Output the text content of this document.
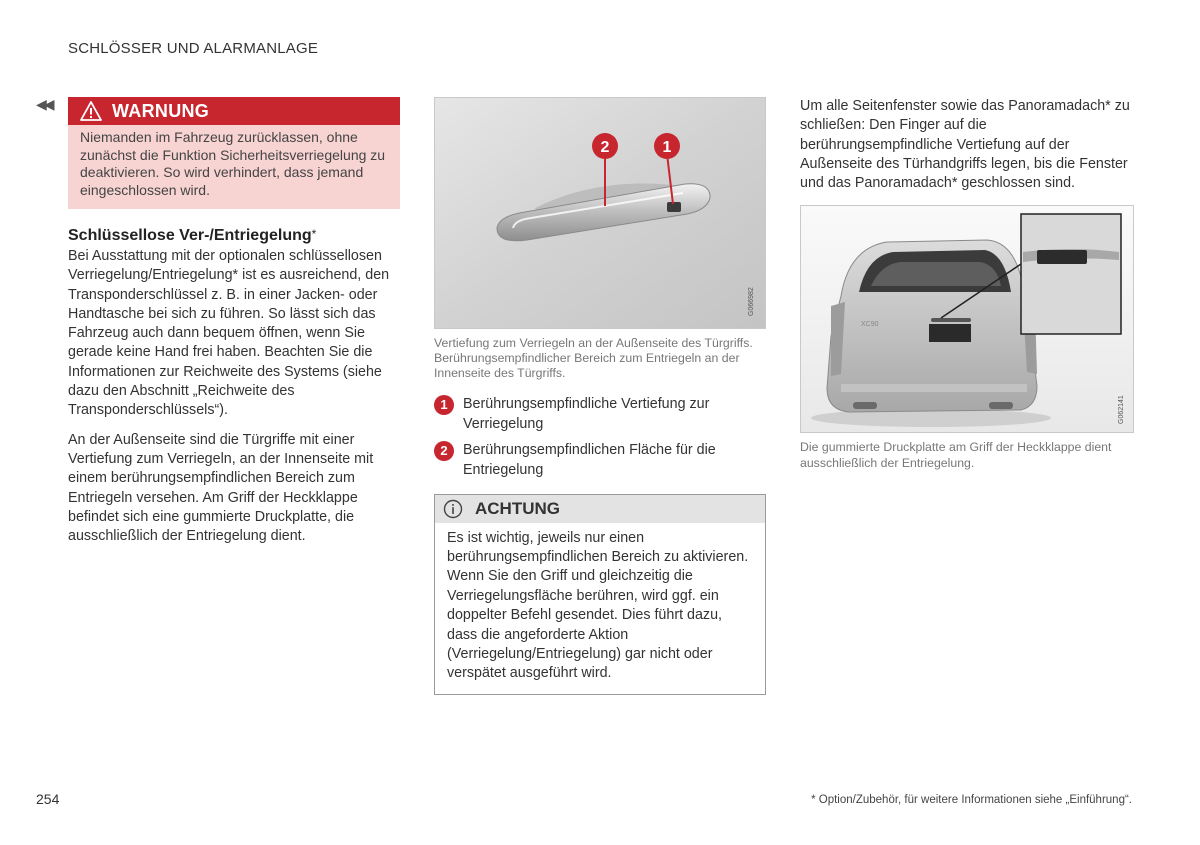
SCHLÖSSER UND ALARMANLAGE
◀◀	WARNUNG
Niemanden im Fahrzeug zurücklassen, ohne zunächst die Funktion Sicherheitsverriegelung zu deaktivieren. So wird verhindert, dass jemand eingeschlossen wird.
Schlüssellose Ver-/Entriegelung*

Bei Ausstattung mit der optionalen schlüssellosen Verriegelung/Entriegelung* ist es ausreichend, den Transponderschlüssel z. B. in einer Jacken- oder Handtasche bei sich zu führen. So lässt sich das Fahrzeug auch dann bequem öffnen, wenn Sie gerade keine Hand frei haben. Beachten Sie die Informationen zur Reichweite des Systems (siehe dazu den Abschnitt „Reichweite des Transponderschlüssels“).

An der Außenseite sind die Türgriffe mit einer Vertiefung zum Verriegeln, an der Innenseite mit einem berührungsempfindlichen Bereich zum Entriegeln versehen. Am Griff der Heckklappe befindet sich eine gummierte Druckplatte, die ausschließlich der Entriegelung dient.

2	1
G066982
Vertiefung zum Verriegeln an der Außenseite des Türgriffs. Berührungsempfindlicher Bereich zum Entriegeln an der Innenseite des Türgriffs.
1	Berührungsempfindliche Vertiefung zur Verriegelung
2	Berührungsempfindlichen Fläche für die Entriegelung
ACHTUNG
Es ist wichtig, jeweils nur einen berührungsempfindlichen Bereich zu aktivieren. Wenn Sie den Griff und gleichzeitig die Verriegelungsfläche berühren, wird ggf. ein doppelter Befehl gesendet. Dies führt dazu, dass die angeforderte Aktion (Verriegelung/Entriegelung) gar nicht oder verspätet ausgeführt wird.

Um alle Seitenfenster sowie das Panoramadach* zu schließen: Den Finger auf die berührungsempfindliche Vertiefung auf der Außenseite des Türhandgriffs legen, bis die Fenster und das Panoramadach* geschlossen sind.

XC90
G062141
Die gummierte Druckplatte am Griff der Heckklappe dient ausschließlich der Entriegelung.
254	* Option/Zubehör, für weitere Informationen siehe „Einführung“.
